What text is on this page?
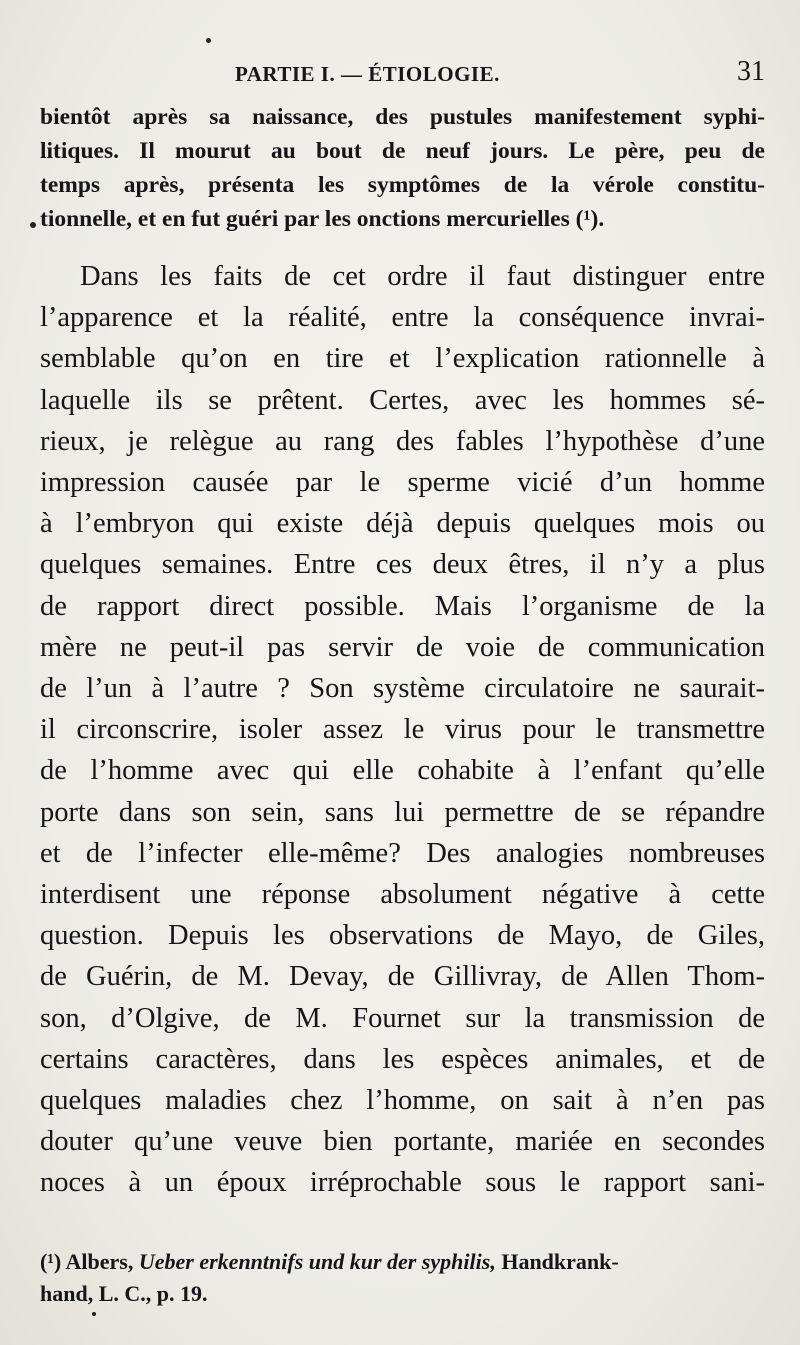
PARTIE I. — ÉTIOLOGIE.	31
bientôt après sa naissance, des pustules manifestement syphi-
litiques. Il mourut au bout de neuf jours. Le père, peu de
temps après, présenta les symptômes de la vérole constitu-
tionnelle, et en fut guéri par les onctions mercurielles (¹).
Dans les faits de cet ordre il faut distinguer entre
l’apparence et la réalité, entre la conséquence invrai-
semblable qu’on en tire et l’explication rationnelle à
laquelle ils se prêtent. Certes, avec les hommes sé-
rieux, je relègue au rang des fables l’hypothèse d’une
impression causée par le sperme vicié d’un homme
à l’embryon qui existe déjà depuis quelques mois ou
quelques semaines. Entre ces deux êtres, il n’y a plus
de rapport direct possible. Mais l’organisme de la
mère ne peut-il pas servir de voie de communication
de l’un à l’autre ? Son système circulatoire ne saurait-
il circonscrire, isoler assez le virus pour le transmettre
de l’homme avec qui elle cohabite à l’enfant qu’elle
porte dans son sein, sans lui permettre de se répandre
et de l’infecter elle-même? Des analogies nombreuses
interdisent une réponse absolument négative à cette
question. Depuis les observations de Mayo, de Giles,
de Guérin, de M. Devay, de Gillivray, de Allen Thom-
son, d’Olgive, de M. Fournet sur la transmission de
certains caractères, dans les espèces animales, et de
quelques maladies chez l’homme, on sait à n’en pas
douter qu’une veuve bien portante, mariée en secondes
noces à un époux irréprochable sous le rapport sani-
(¹) Albers, Ueber erkenntnifs und kur der syphilis, Handkrank-
hand, L. C., p. 19.
